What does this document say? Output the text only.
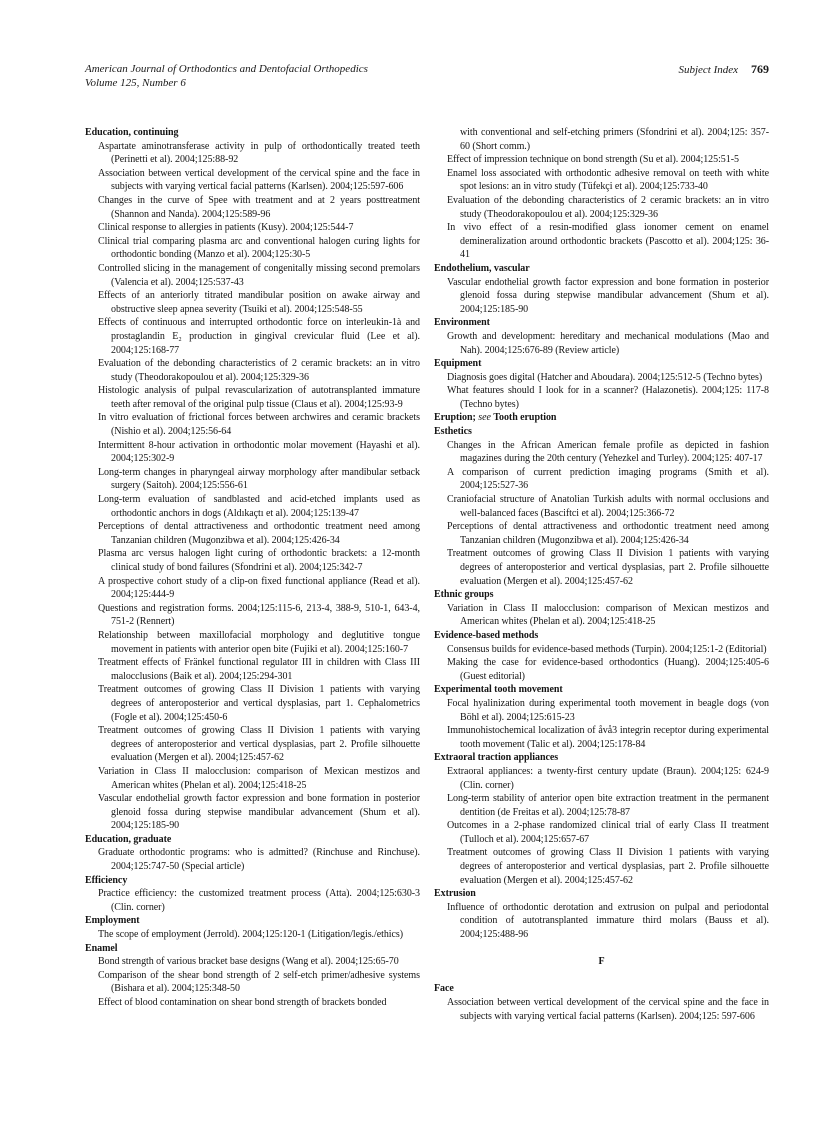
American Journal of Orthodontics and Dentofacial Orthopedics
Volume 125, Number 6
Subject Index 769
Education, continuing

Aspartate aminotransferase activity in pulp of orthodontically treated teeth (Perinetti et al). 2004;125:88-92

Association between vertical development of the cervical spine and the face in subjects with varying vertical facial patterns (Karlsen). 2004;125:597-606

Changes in the curve of Spee with treatment and at 2 years posttreatment (Shannon and Nanda). 2004;125:589-96

Clinical response to allergies in patients (Kusy). 2004;125:544-7

Clinical trial comparing plasma arc and conventional halogen curing lights for orthodontic bonding (Manzo et al). 2004;125:30-5

Controlled slicing in the management of congenitally missing second premolars (Valencia et al). 2004;125:537-43

Effects of an anteriorly titrated mandibular position on awake airway and obstructive sleep apnea severity (Tsuiki et al). 2004;125:548-55

Effects of continuous and interrupted orthodontic force on interleukin-1à and prostaglandin E₂ production in gingival crevicular fluid (Lee et al). 2004;125:168-77

Evaluation of the debonding characteristics of 2 ceramic brackets: an in vitro study (Theodorakopoulou et al). 2004;125:329-36

Histologic analysis of pulpal revascularization of autotransplanted immature teeth after removal of the original pulp tissue (Claus et al). 2004;125:93-9

In vitro evaluation of frictional forces between archwires and ceramic brackets (Nishio et al). 2004;125:56-64

Intermittent 8-hour activation in orthodontic molar movement (Hayashi et al). 2004;125:302-9

Long-term changes in pharyngeal airway morphology after mandibular setback surgery (Saitoh). 2004;125:556-61

Long-term evaluation of sandblasted and acid-etched implants used as orthodontic anchors in dogs (Aldıkaçtı et al). 2004;125:139-47

Perceptions of dental attractiveness and orthodontic treatment need among Tanzanian children (Mugonzibwa et al). 2004;125:426-34

Plasma arc versus halogen light curing of orthodontic brackets: a 12-month clinical study of bond failures (Sfondrini et al). 2004;125:342-7

A prospective cohort study of a clip-on fixed functional appliance (Read et al). 2004;125:444-9

Questions and registration forms. 2004;125:115-6, 213-4, 388-9, 510-1, 643-4, 751-2 (Rennert)

Relationship between maxillofacial morphology and deglutitive tongue movement in patients with anterior open bite (Fujiki et al). 2004;125:160-7

Treatment effects of Fränkel functional regulator III in children with Class III malocclusions (Baik et al). 2004;125:294-301

Treatment outcomes of growing Class II Division 1 patients with varying degrees of anteroposterior and vertical dysplasias, part 1. Cephalometrics (Fogle et al). 2004;125:450-6

Treatment outcomes of growing Class II Division 1 patients with varying degrees of anteroposterior and vertical dysplasias, part 2. Profile silhouette evaluation (Mergen et al). 2004;125:457-62

Variation in Class II malocclusion: comparison of Mexican mestizos and American whites (Phelan et al). 2004;125:418-25

Vascular endothelial growth factor expression and bone formation in posterior glenoid fossa during stepwise mandibular advancement (Shum et al). 2004;125:185-90

Education, graduate

Graduate orthodontic programs: who is admitted? (Rinchuse and Rinchuse). 2004;125:747-50 (Special article)

Efficiency

Practice efficiency: the customized treatment process (Atta). 2004;125:630-3 (Clin. corner)

Employment

The scope of employment (Jerrold). 2004;125:120-1 (Litigation/legis./ethics)

Enamel

Bond strength of various bracket base designs (Wang et al). 2004;125:65-70

Comparison of the shear bond strength of 2 self-etch primer/adhesive systems (Bishara et al). 2004;125:348-50

Effect of blood contamination on shear bond strength of brackets bonded

with conventional and self-etching primers (Sfondrini et al). 2004;125: 357-60 (Short comm.)

Effect of impression technique on bond strength (Su et al). 2004;125:51-5

Enamel loss associated with orthodontic adhesive removal on teeth with white spot lesions: an in vitro study (Tüfekçi et al). 2004;125:733-40

Evaluation of the debonding characteristics of 2 ceramic brackets: an in vitro study (Theodorakopoulou et al). 2004;125:329-36

In vivo effect of a resin-modified glass ionomer cement on enamel demineralization around orthodontic brackets (Pascotto et al). 2004;125: 36-41

Endothelium, vascular

Vascular endothelial growth factor expression and bone formation in posterior glenoid fossa during stepwise mandibular advancement (Shum et al). 2004;125:185-90

Environment

Growth and development: hereditary and mechanical modulations (Mao and Nah). 2004;125:676-89 (Review article)

Equipment

Diagnosis goes digital (Hatcher and Aboudara). 2004;125:512-5 (Techno bytes)

What features should I look for in a scanner? (Halazonetis). 2004;125: 117-8 (Techno bytes)

Eruption; see Tooth eruption
Esthetics

Changes in the African American female profile as depicted in fashion magazines during the 20th century (Yehezkel and Turley). 2004;125: 407-17

A comparison of current prediction imaging programs (Smith et al). 2004;125:527-36

Craniofacial structure of Anatolian Turkish adults with normal occlusions and well-balanced faces (Basciftci et al). 2004;125:366-72

Perceptions of dental attractiveness and orthodontic treatment need among Tanzanian children (Mugonzibwa et al). 2004;125:426-34

Treatment outcomes of growing Class II Division 1 patients with varying degrees of anteroposterior and vertical dysplasias, part 2. Profile silhouette evaluation (Mergen et al). 2004;125:457-62

Ethnic groups

Variation in Class II malocclusion: comparison of Mexican mestizos and American whites (Phelan et al). 2004;125:418-25

Evidence-based methods

Consensus builds for evidence-based methods (Turpin). 2004;125:1-2 (Editorial)

Making the case for evidence-based orthodontics (Huang). 2004;125:405-6 (Guest editorial)

Experimental tooth movement

Focal hyalinization during experimental tooth movement in beagle dogs (von Böhl et al). 2004;125:615-23

Immunohistochemical localization of åvå3 integrin receptor during experimental tooth movement (Talic et al). 2004;125:178-84

Extraoral traction appliances

Extraoral appliances: a twenty-first century update (Braun). 2004;125: 624-9 (Clin. corner)

Long-term stability of anterior open bite extraction treatment in the permanent dentition (de Freitas et al). 2004;125:78-87

Outcomes in a 2-phase randomized clinical trial of early Class II treatment (Tulloch et al). 2004;125:657-67

Treatment outcomes of growing Class II Division 1 patients with varying degrees of anteroposterior and vertical dysplasias, part 2. Profile silhouette evaluation (Mergen et al). 2004;125:457-62

Extrusion

Influence of orthodontic derotation and extrusion on pulpal and periodontal condition of autotransplanted immature third molars (Bauss et al). 2004;125:488-96

F
Face

Association between vertical development of the cervical spine and the face in subjects with varying vertical facial patterns (Karlsen). 2004;125: 597-606
